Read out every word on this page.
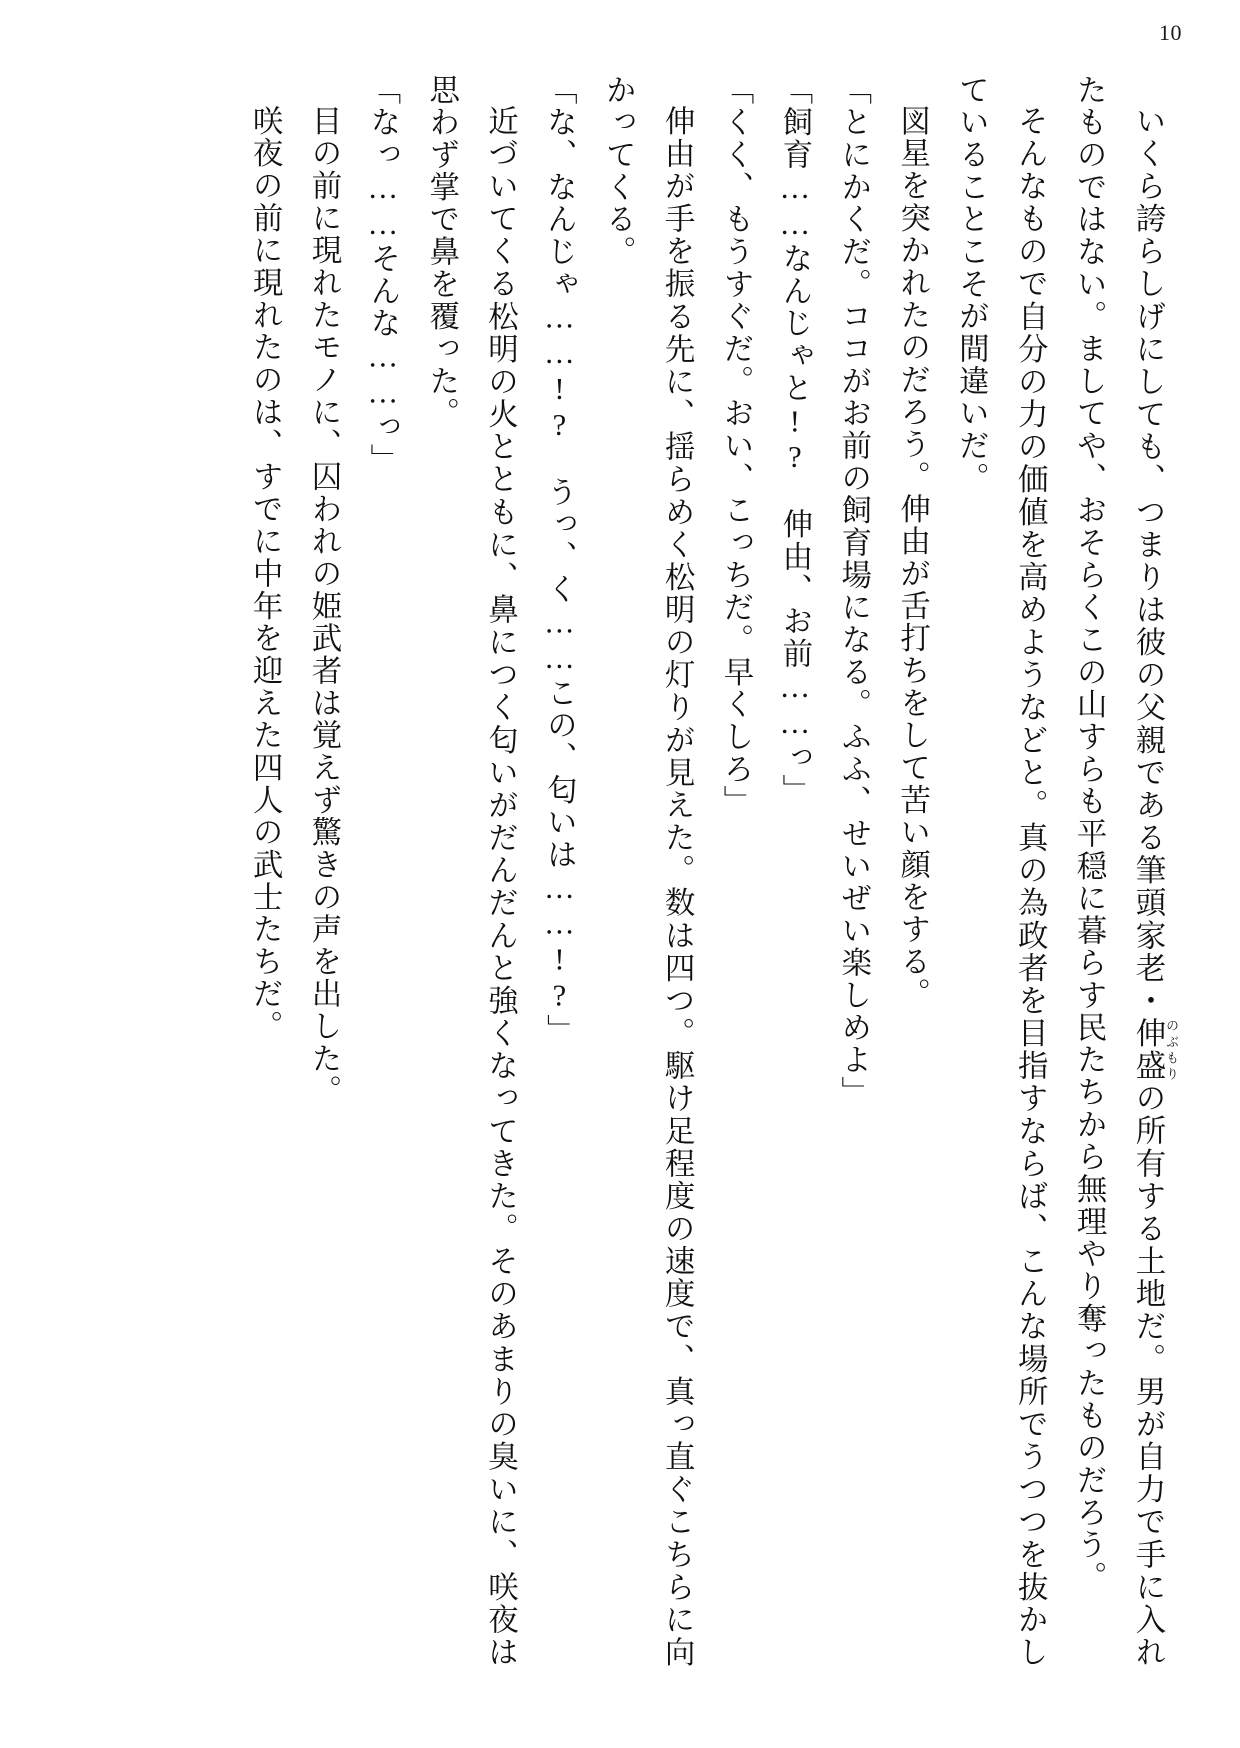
10

いくら誇らしげにしても、つまりは彼の父親である筆頭家老・伸盛 のぶもりの所有する土地だ。男が自力で手に入れたものではない。ましてや、おそらくこの山すらも平穏に暮らす民たちから無理やり奪ったものだろう。

そんなもので自分の力の価値を高めようなどと。真の為政者を目指すならば、こんな場所でうつつを抜かしていることこそが間違いだ。

図星を突かれたのだろう。伸由が舌打ちをして苦い顔をする。

「とにかくだ。ココがお前の飼育場になる。ふふ、せいぜい楽しめよ」

「飼育……なんじゃと!?　伸由、お前……っ」

「くく、もうすぐだ。おい、こっちだ。早くしろ」

伸由が手を振る先に、揺らめく松明の灯りが見えた。数は四つ。駆け足程度の速度で、真っ直ぐこちらに向かってくる。

「な、なんじゃ……!?　うっ、く……この、匂いは……!?」

近づいてくる松明の火とともに、鼻につく匂いがだんだんと強くなってきた。そのあまりの臭いに、咲夜は思わず掌で鼻を覆った。

「なっ……そんな……っ」

目の前に現れたモノに、囚われの姫武者は覚えず驚きの声を出した。

咲夜の前に現れたのは、すでに中年を迎えた四人の武士たちだ。
